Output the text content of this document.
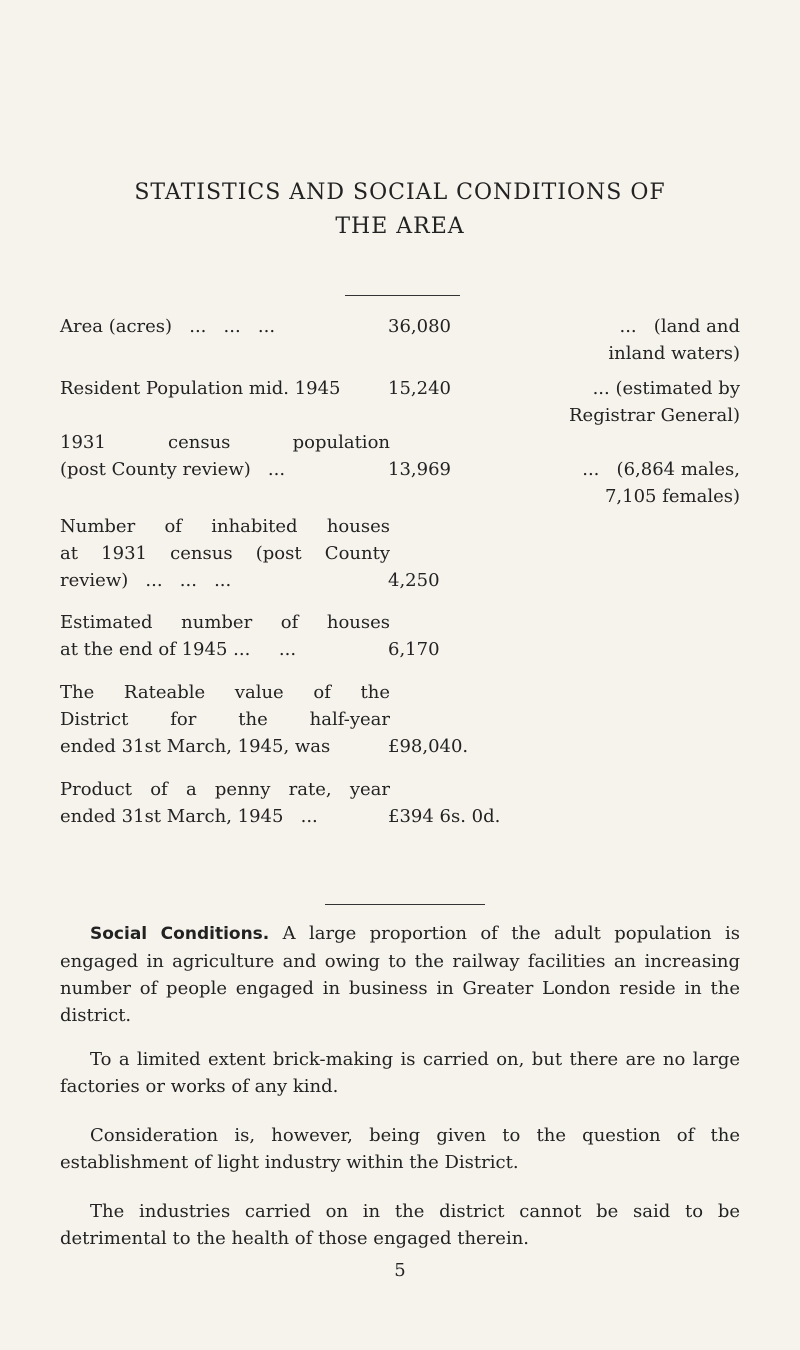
STATISTICS AND SOCIAL CONDITIONS OF
THE AREA
Area (acres)   ...   ...   ...	36,080	...   (land and
inland waters)
Resident Population mid. 1945	15,240	... (estimated by
Registrar General)
1931 census population
(post County review)   ...	13,969	...   (6,864 males,
7,105 females)
Number of inhabited houses
at 1931 census (post County
review)   ...   ...   ...	4,250
Estimated number of houses
at the end of 1945 ...     ...	6,170
The Rateable value of the
District for the half-year
ended 31st March, 1945, was	£98,040.
Product of a penny rate, year
ended 31st March, 1945   ...	£394 6s. 0d.
Social Conditions. A large proportion of the adult population is engaged in agriculture and owing to the railway facilities an increasing number of people engaged in business in Greater London reside in the district.
To a limited extent brick-making is carried on, but there are no large factories or works of any kind.
Consideration is, however, being given to the question of the establishment of light industry within the District.
The industries carried on in the district cannot be said to be detrimental to the health of those engaged therein.
5
